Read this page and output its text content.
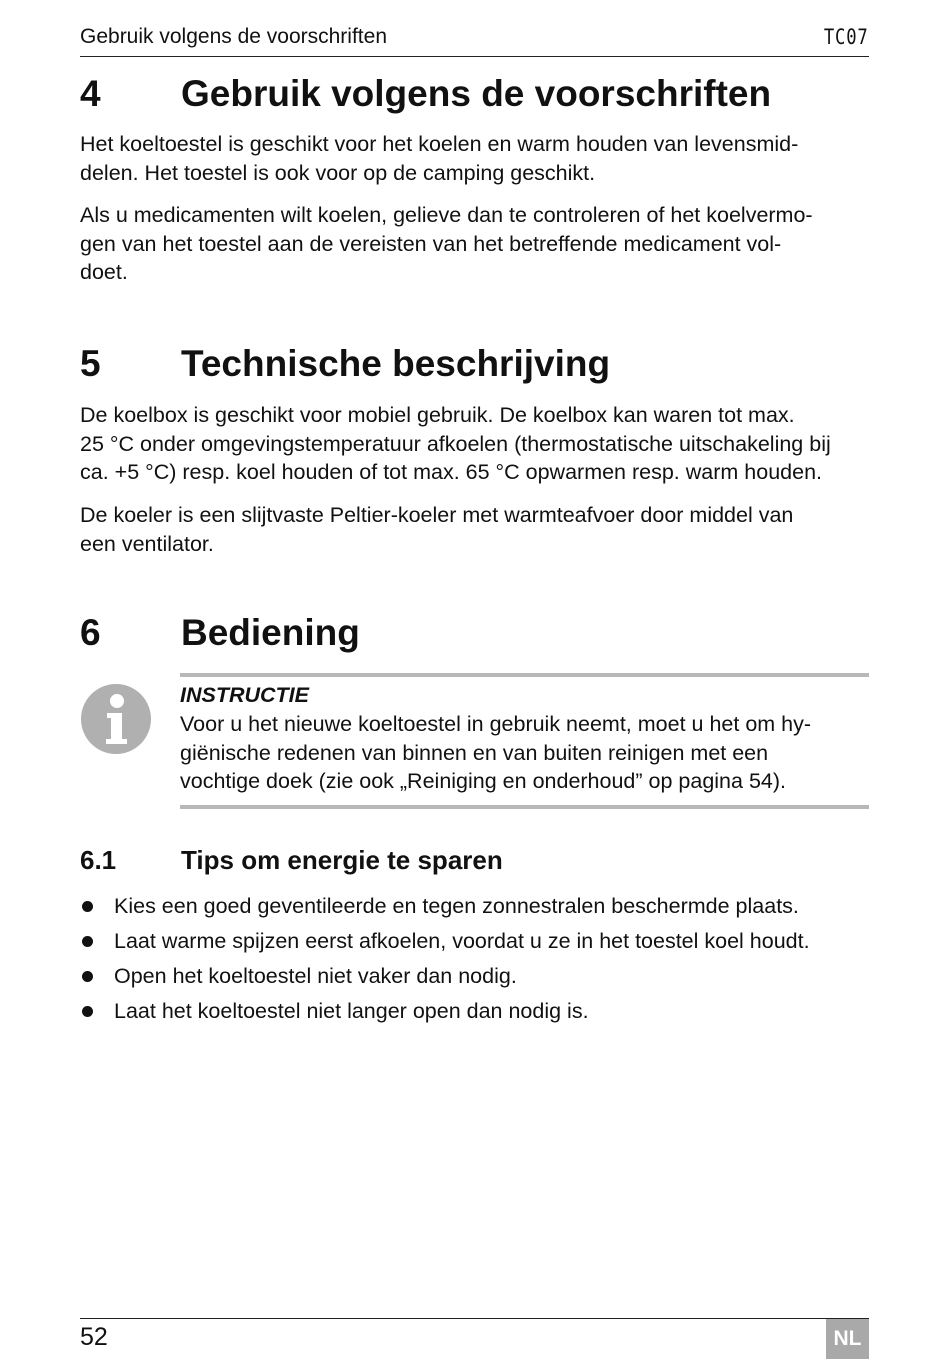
Gebruik volgens de voorschriften	TC07
4 Gebruik volgens de voorschriften

Het koeltoestel is geschikt voor het koelen en warm houden van levensmid-
delen. Het toestel is ook voor op de camping geschikt.

Als u medicamenten wilt koelen, gelieve dan te controleren of het koelvermo-
gen van het toestel aan de vereisten van het betreffende medicament vol-
doet.

5 Technische beschrijving

De koelbox is geschikt voor mobiel gebruik. De koelbox kan waren tot max.
25 °C onder omgevingstemperatuur afkoelen (thermostatische uitschakeling bij
ca. +5 °C) resp. koel houden of tot max. 65 °C opwarmen resp. warm houden.

De koeler is een slijtvaste Peltier-koeler met warmteafvoer door middel van
een ventilator.

6 Bediening
INSTRUCTIE

Voor u het nieuwe koeltoestel in gebruik neemt, moet u het om hy-
giënische redenen van binnen en van buiten reinigen met een
vochtige doek (zie ook „Reiniging en onderhoud” op pagina 54).

6.1 Tips om energie te sparen
Kies een goed geventileerde en tegen zonnestralen beschermde plaats.
Laat warme spijzen eerst afkoelen, voordat u ze in het toestel koel houdt.
Open het koeltoestel niet vaker dan nodig.
Laat het koeltoestel niet langer open dan nodig is.
52	NL
